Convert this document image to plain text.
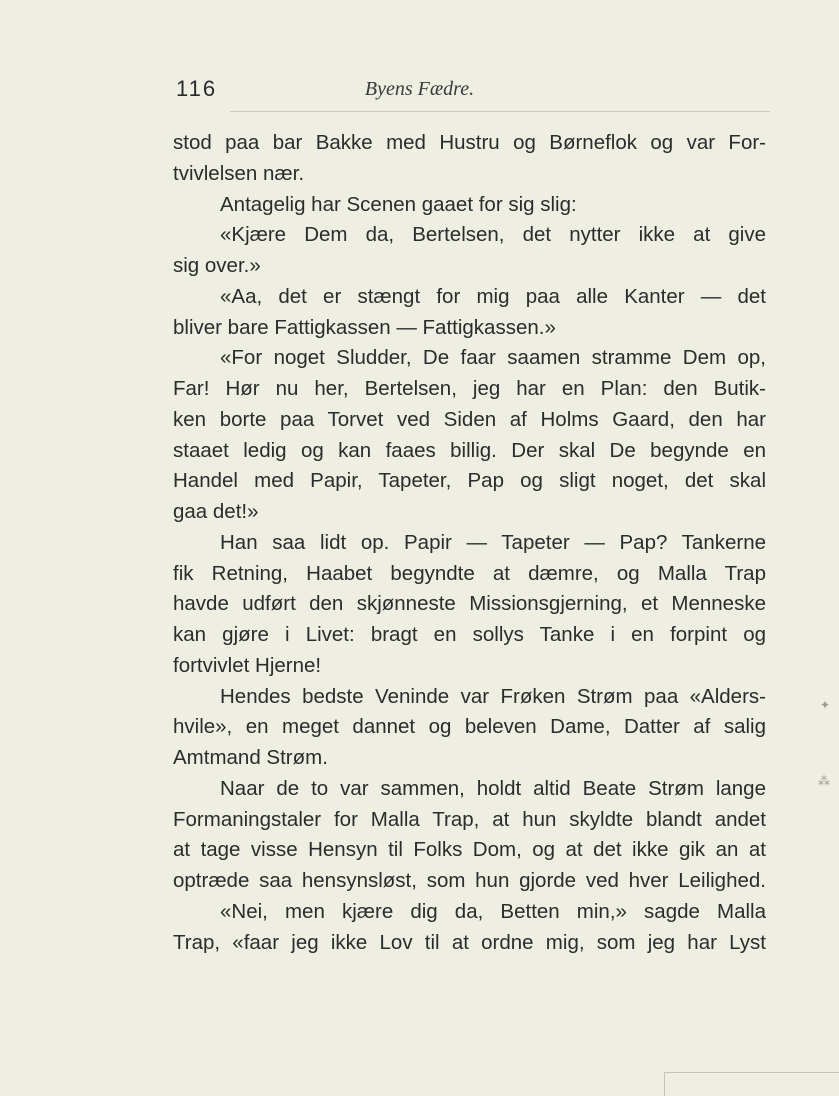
116	Byens Fædre.
stod paa bar Bakke med Hustru og Børneflok og var For-
tvivlelsen nær.
Antagelig har Scenen gaaet for sig slig:
«Kjære Dem da, Bertelsen, det nytter ikke at give
sig over.»
«Aa, det er stængt for mig paa alle Kanter — det
bliver bare Fattigkassen — Fattigkassen.»
«For noget Sludder, De faar saamen stramme Dem op,
Far! Hør nu her, Bertelsen, jeg har en Plan: den Butik-
ken borte paa Torvet ved Siden af Holms Gaard, den har
staaet ledig og kan faaes billig. Der skal De begynde en
Handel med Papir, Tapeter, Pap og sligt noget, det skal
gaa det!»
Han saa lidt op. Papir — Tapeter — Pap? Tankerne
fik Retning, Haabet begyndte at dæmre, og Malla Trap
havde udført den skjønneste Missionsgjerning, et Menneske
kan gjøre i Livet: bragt en sollys Tanke i en forpint og
fortvivlet Hjerne!
Hendes bedste Veninde var Frøken Strøm paa «Alders-
hvile», en meget dannet og beleven Dame, Datter af salig
Amtmand Strøm.
Naar de to var sammen, holdt altid Beate Strøm lange
Formaningstaler for Malla Trap, at hun skyldte blandt andet
at tage visse Hensyn til Folks Dom, og at det ikke gik an at
optræde saa hensynsløst, som hun gjorde ved hver Leilighed.
«Nei, men kjære dig da, Betten min,» sagde Malla
Trap, «faar jeg ikke Lov til at ordne mig, som jeg har Lyst
✦
⁂
